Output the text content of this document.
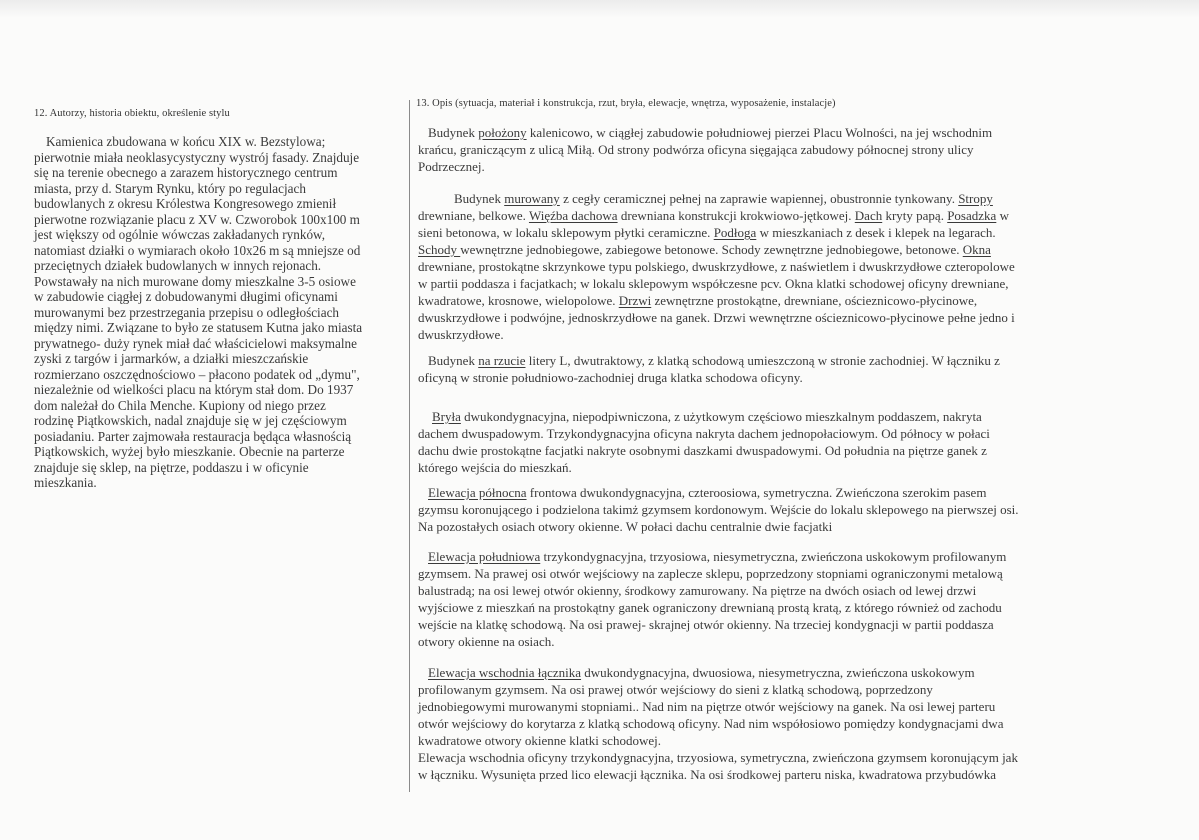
12. Autorzy, historia obiektu, określenie stylu
13. Opis (sytuacja, materiał i konstrukcja, rzut, bryła, elewacje, wnętrza, wyposażenie, instalacje)
Kamienica zbudowana w końcu XIX w. Bezstylowa;
pierwotnie miała neoklasycystyczny wystrój fasady. Znajduje
się na terenie obecnego a zarazem historycznego centrum
miasta, przy d. Starym Rynku, który po regulacjach
budowlanych z okresu Królestwa Kongresowego zmienił
pierwotne rozwiązanie placu z XV w. Czworobok 100x100 m
jest większy od ogólnie wówczas zakładanych rynków,
natomiast działki o wymiarach około 10x26 m są mniejsze od
przeciętnych działek budowlanych w innych rejonach.
Powstawały na nich murowane domy mieszkalne 3-5 osiowe
w zabudowie ciągłej z dobudowanymi długimi oficynami
murowanymi bez przestrzegania przepisu o odległościach
między nimi. Związane to było ze statusem Kutna jako miasta
prywatnego- duży rynek miał dać właścicielowi maksymalne
zyski z targów i jarmarków, a działki mieszczańskie
rozmierzano oszczędnościowo – płacono podatek od „dymu",
niezależnie od wielkości placu na którym stał dom. Do 1937
dom należał do Chila Menche. Kupiony od niego przez
rodzinę Piątkowskich, nadal znajduje się w jej częściowym
posiadaniu. Parter zajmowała restauracja będąca własnością
Piątkowskich, wyżej było mieszkanie. Obecnie na parterze
znajduje się sklep, na piętrze, poddaszu i w oficynie
mieszkania.
Budynek położony kalenicowo, w ciągłej zabudowie południowej pierzei Placu Wolności, na jej wschodnim
krańcu, graniczącym z ulicą Miłą. Od strony podwórza oficyna sięgająca zabudowy północnej strony ulicy
Podrzecznej.
Budynek murowany z cegły ceramicznej pełnej na zaprawie wapiennej, obustronnie tynkowany. Stropy
drewniane, belkowe. Więźba dachowa drewniana konstrukcji krokwiowo-jętkowej. Dach kryty papą. Posadzka w
sieni betonowa, w lokalu sklepowym płytki ceramiczne. Podłoga w mieszkaniach z desek i klepek na legarach.
Schody wewnętrzne jednobiegowe, zabiegowe betonowe. Schody zewnętrzne jednobiegowe, betonowe. Okna
drewniane, prostokątne skrzynkowe typu polskiego, dwuskrzydłowe, z naświetlem i dwuskrzydłowe czteropolowe
w partii poddasza i facjatkach; w lokalu sklepowym współczesne pcv. Okna klatki schodowej oficyny drewniane,
kwadratowe, krosnowe, wielopolowe. Drzwi zewnętrzne prostokątne, drewniane, ościeznicowo-płycinowe,
dwuskrzydłowe i podwójne, jednoskrzydłowe na ganek. Drzwi wewnętrzne ościeznicowo-płycinowe pełne jedno i
dwuskrzydłowe.
Budynek na rzucie litery L, dwutraktowy, z klatką schodową umieszczoną w stronie zachodniej. W łączniku z
oficyną w stronie południowo-zachodniej druga klatka schodowa oficyny.
Bryła dwukondygnacyjna, niepodpiwniczona, z użytkowym częściowo mieszkalnym poddaszem, nakryta
dachem dwuspadowym. Trzykondygnacyjna oficyna nakryta dachem jednopołaciowym. Od północy w połaci
dachu dwie prostokątne facjatki nakryte osobnymi daszkami dwuspadowymi. Od południa na piętrze ganek z
którego wejścia do mieszkań.
Elewacja północna frontowa dwukondygnacyjna, czteroosiowa, symetryczna. Zwieńczona szerokim pasem
gzymsu koronującego i podzielona takimż gzymsem kordonowym. Wejście do lokalu sklepowego na pierwszej osi.
Na pozostałych osiach otwory okienne. W połaci dachu centralnie dwie facjatki
Elewacja południowa trzykondygnacyjna, trzyosiowa, niesymetryczna, zwieńczona uskokowym profilowanym
gzymsem. Na prawej osi otwór wejściowy na zaplecze sklepu, poprzedzony stopniami ograniczonymi metalową
balustradą; na osi lewej otwór okienny, środkowy zamurowany. Na piętrze na dwóch osiach od lewej drzwi
wyjściowe z mieszkań na prostokątny ganek ograniczony drewnianą prostą kratą, z którego również od zachodu
wejście na klatkę schodową. Na osi prawej- skrajnej otwór okienny. Na trzeciej kondygnacji w partii poddasza
otwory okienne na osiach.
Elewacja wschodnia łącznika dwukondygnacyjna, dwuosiowa, niesymetryczna, zwieńczona uskokowym
profilowanym gzymsem. Na osi prawej otwór wejściowy do sieni z klatką schodową, poprzedzony
jednobiegowymi murowanymi stopniami.. Nad nim na piętrze otwór wejściowy na ganek. Na osi lewej parteru
otwór wejściowy do korytarza z klatką schodową oficyny. Nad nim współosiowo pomiędzy kondygnacjami dwa
kwadratowe otwory okienne klatki schodowej.
Elewacja wschodnia oficyny trzykondygnacyjna, trzyosiowa, symetryczna, zwieńczona gzymsem koronującym jak
w łączniku. Wysunięta przed lico elewacji łącznika. Na osi środkowej parteru niska, kwadratowa przybudówka
